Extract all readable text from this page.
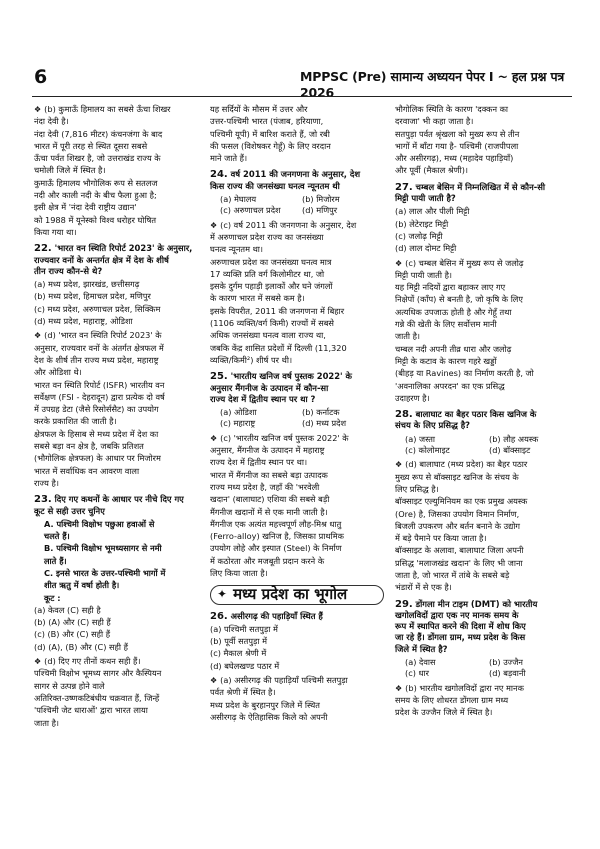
6	MPPSC (Pre) सामान्य अध्ययन पेपर I ~ हल प्रश्न पत्र 2026

❖ (b) कुमाऊँ हिमालय का सबसे ऊँचा शिखर

नंदा देवी है।

नंदा देवी (7,816 मीटर) कंचनजंगा के बाद

भारत में पूरी तरह से स्थित दूसरा सबसे

ऊँचा पर्वत शिखर है, जो उत्तराखंड राज्य के

चमोली जिले में स्थित है।

कुमाऊँ हिमालय भौगोलिक रूप से सतलज

नदी और काली नदी के बीच फैला हुआ है;

इसी क्षेत्र में 'नंदा देवी राष्ट्रीय उद्यान'

को 1988 में यूनेस्को विश्व धरोहर घोषित

किया गया था।

22. 'भारत वन स्थिति रिपोर्ट 2023' के अनुसार,
राज्यवार वनों के अन्तर्गत क्षेत्र में देश के शीर्ष
तीन राज्य कौन-से थे?

(a) मध्य प्रदेश, झारखंड, छत्तीसगढ़

(b) मध्य प्रदेश, हिमाचल प्रदेश, मणिपुर

(c) मध्य प्रदेश, अरुणाचल प्रदेश, सिक्किम

(d) मध्य प्रदेश, महाराष्ट्र, ओडिशा

❖ (d) 'भारत वन स्थिति रिपोर्ट 2023' के

अनुसार, राज्यवार वनों के अंतर्गत क्षेत्रफल में

देश के शीर्ष तीन राज्य मध्य प्रदेश, महाराष्ट्र

और ओडिशा थे।

भारत वन स्थिति रिपोर्ट (ISFR) भारतीय वन

सर्वेक्षण (FSI - देहरादून) द्वारा प्रत्येक दो वर्ष

में उपग्रह डेटा (जैसे रिसोर्ससैट) का उपयोग

करके प्रकाशित की जाती है।

क्षेत्रफल के हिसाब से मध्य प्रदेश में देश का

सबसे बड़ा वन क्षेत्र है, जबकि प्रतिशत

(भौगोलिक क्षेत्रफल) के आधार पर मिजोरम

भारत में सर्वाधिक वन आवरण वाला

राज्य है।

23. दिए गए कथनों के आधार पर नीचे दिए गए
कूट से सही उत्तर चुनिए

A. पश्चिमी विक्षोभ पछुआ हवाओं से

चलते हैं।

B. पश्चिमी विक्षोभ भूमध्यसागर से नमी

लाते हैं।

C. इनसे भारत के उत्तर-पश्चिमी भागों में

शीत ऋतु में वर्षा होती है।

कूट :

(a) केवल (C) सही है

(b) (A) और (C) सही हैं

(c) (B) और (C) सही हैं

(d) (A), (B) और (C) सही हैं

❖ (d) दिए गए तीनों कथन सही हैं।

पश्चिमी विक्षोभ भूमध्य सागर और कैस्पियन

सागर से उत्पन्न होने वाले

अतिरिक्त-उष्णकटिबंधीय चक्रवात हैं, जिन्हें

'पश्चिमी जेट धाराओं' द्वारा भारत लाया

जाता है।

यह सर्दियों के मौसम में उत्तर और

उत्तर-पश्चिमी भारत (पंजाब, हरियाणा,

पश्चिमी यूपी) में बारिश कराते हैं, जो रबी

की फसल (विशेषकर गेहूँ) के लिए वरदान

माने जाते हैं।

24. वर्ष 2011 की जनगणना के अनुसार, देश
किस राज्य की जनसंख्या घनत्व न्यूनतम थी
(a) मेघालय	(b) मिजोरम
(c) अरुणाचल प्रदेश	(d) मणिपुर

❖ (c) वर्ष 2011 की जनगणना के अनुसार, देश

में अरुणाचल प्रदेश राज्य का जनसंख्या

घनत्व न्यूनतम था।

अरुणाचल प्रदेश का जनसंख्या घनत्व मात्र

17 व्यक्ति प्रति वर्ग किलोमीटर था, जो

इसके दुर्गम पहाड़ी इलाकों और घने जंगलों

के कारण भारत में सबसे कम है।

इसके विपरीत, 2011 की जनगणना में बिहार

(1106 व्यक्ति/वर्ग किमी) राज्यों में सबसे

अधिक जनसंख्या घनत्व वाला राज्य था,

जबकि केंद्र शासित प्रदेशों में दिल्ली (11,320

व्यक्ति/किमी²) शीर्ष पर थी।

25. 'भारतीय खनिज वर्ष पुस्तक 2022' के
अनुसार मैंगनीज के उत्पादन में कौन-सा
राज्य देश में द्वितीय स्थान पर था ?
(a) ओडिशा	(b) कर्नाटक
(c) महाराष्ट्र	(d) मध्य प्रदेश

❖ (c) 'भारतीय खनिज वर्ष पुस्तक 2022' के

अनुसार, मैंगनीज के उत्पादन में महाराष्ट्र

राज्य देश में द्वितीय स्थान पर था।

भारत में मैंगनीज का सबसे बड़ा उत्पादक

राज्य मध्य प्रदेश है, जहाँ की 'भरवेली

खदान' (बालाघाट) एशिया की सबसे बड़ी

मैंगनीज खदानों में से एक मानी जाती है।

मैंगनीज एक अत्यंत महत्त्वपूर्ण लौह-मिश्र धातु

(Ferro-alloy) खनिज है, जिसका प्राथमिक

उपयोग लोहे और इस्पात (Steel) के निर्माण

में कठोरता और मजबूती प्रदान करने के

लिए किया जाता है।

✦ मध्य प्रदेश का भूगोल
26. असीरगढ़ की पहाड़ियाँ स्थित हैं

(a) पश्चिमी सतपुड़ा में

(b) पूर्वी सतपुड़ा में

(c) मैकाल श्रेणी में

(d) बघेलखण्ड पठार में

❖ (a) असीरगढ़ की पहाड़ियाँ पश्चिमी सतपुड़ा

पर्वत श्रेणी में स्थित है।

मध्य प्रदेश के बुरहानपुर जिले में स्थित

असीरगढ़ के ऐतिहासिक किले को अपनी

भौगोलिक स्थिति के कारण 'दक्कन का

दरवाजा' भी कहा जाता है।

सतपुड़ा पर्वत श्रृंखला को मुख्य रूप से तीन

भागों में बाँटा गया है- पश्चिमी (राजपीपला

और असीरगढ़), मध्य (महादेव पहाड़ियाँ)

और पूर्वी (मैकाल श्रेणी)।

27. चम्बल बेसिन में निम्नलिखित में से कौन-सी
मिट्टी पायी जाती है?

(a) लाल और पीली मिट्टी

(b) लेटेराइट मिट्टी

(c) जलोढ़ मिट्टी

(d) लाल दोमट मिट्टी

❖ (c) चम्बल बेसिन में मुख्य रूप से जलोढ़

मिट्टी पायी जाती है।

यह मिट्टी नदियों द्वारा बहाकर लाए गए

निक्षेपों (काँप) से बनती है, जो कृषि के लिए

अत्यधिक उपजाऊ होती है और गेहूँ तथा

गन्ने की खेती के लिए सर्वोत्तम मानी

जाती है।

चम्बल नदी अपनी तीव्र धारा और जलोढ़

मिट्टी के कटाव के कारण गहरे खड्डों

(बीहड़ या Ravines) का निर्माण करती है, जो

'अवनालिका अपरदन' का एक प्रसिद्ध

उदाहरण है।

28. बालाघाट का बैहर पठार किस खनिज के
संचय के लिए प्रसिद्ध है?
(a) जस्ता	(b) लौह अयस्क
(c) कोलोमाइट	(d) बॉक्साइट

❖ (d) बालाघाट (मध्य प्रदेश) का बैहर पठार

मुख्य रूप से बॉक्साइट खनिज के संचय के

लिए प्रसिद्ध है।

बॉक्साइट एल्युमिनियम का एक प्रमुख अयस्क

(Ore) है, जिसका उपयोग विमान निर्माण,

बिजली उपकरण और बर्तन बनाने के उद्योग

में बड़े पैमाने पर किया जाता है।

बॉक्साइट के अलावा, बालाघाट जिला अपनी

प्रसिद्ध 'मलाजखंड खदान' के लिए भी जाना

जाता है, जो भारत में तांबे के सबसे बड़े

भंडारों में से एक है।

29. डोंगला मीन टाइम (DMT) को भारतीय
खगोलविदों द्वारा एक नए मानक समय के
रूप में स्थापित करने की दिशा में शोध किए
जा रहे हैं। डोंगला ग्राम, मध्य प्रदेश के किस
जिले में स्थित है?
(a) देवास	(b) उज्जैन
(c) धार	(d) बड़वानी

❖ (b) भारतीय खगोलविदों द्वारा नए मानक

समय के लिए शोधरत डोंगला ग्राम मध्य

प्रदेश के उज्जैन जिले में स्थित है।
